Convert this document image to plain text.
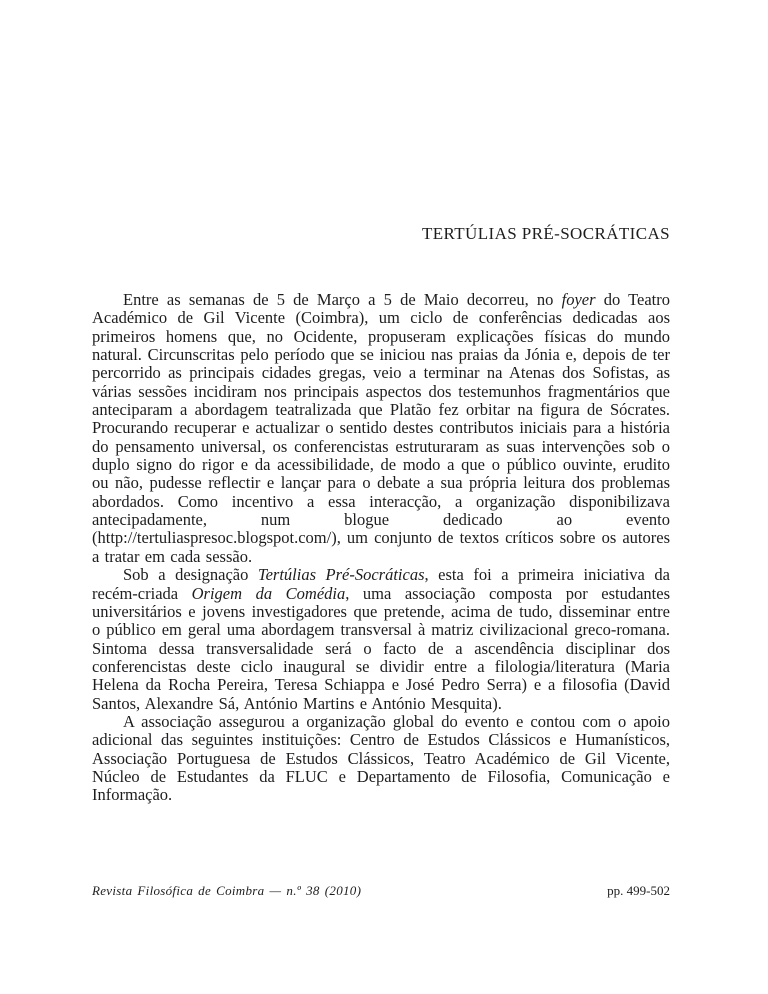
TERTÚLIAS PRÉ-SOCRÁTICAS

Entre as semanas de 5 de Março a 5 de Maio decorreu, no foyer do Teatro Académico de Gil Vicente (Coimbra), um ciclo de conferências dedicadas aos primeiros homens que, no Ocidente, propuseram explicações físicas do mundo natural. Circunscritas pelo período que se iniciou nas praias da Jónia e, depois de ter percorrido as principais cidades gregas, veio a terminar na Atenas dos Sofistas, as várias sessões incidiram nos principais aspectos dos testemunhos fragmentários que anteciparam a abordagem teatralizada que Platão fez orbitar na figura de Sócrates. Procurando recuperar e actualizar o sentido destes contributos iniciais para a história do pensamento universal, os conferencistas estruturaram as suas intervenções sob o duplo signo do rigor e da acessibilidade, de modo a que o público ouvinte, erudito ou não, pudesse reflectir e lançar para o debate a sua própria leitura dos problemas abordados. Como incentivo a essa interacção, a organização disponibilizava antecipadamente, num blogue dedicado ao evento (http://tertuliaspresoc.blogspot.com/), um conjunto de textos críticos sobre os autores a tratar em cada sessão.

Sob a designação Tertúlias Pré-Socráticas, esta foi a primeira iniciativa da recém-criada Origem da Comédia, uma associação composta por estudantes universitários e jovens investigadores que pretende, acima de tudo, disseminar entre o público em geral uma abordagem transversal à matriz civilizacional greco-romana. Sintoma dessa transversalidade será o facto de a ascendência disciplinar dos conferencistas deste ciclo inaugural se dividir entre a filologia/literatura (Maria Helena da Rocha Pereira, Teresa Schiappa e José Pedro Serra) e a filosofia (David Santos, Alexandre Sá, António Martins e António Mesquita).

A associação assegurou a organização global do evento e contou com o apoio adicional das seguintes instituições: Centro de Estudos Clássicos e Humanísticos, Associação Portuguesa de Estudos Clássicos, Teatro Académico de Gil Vicente, Núcleo de Estudantes da FLUC e Departamento de Filosofia, Comunicação e Informação.

Revista Filosófica de Coimbra — n.º 38 (2010)	pp. 499-502
